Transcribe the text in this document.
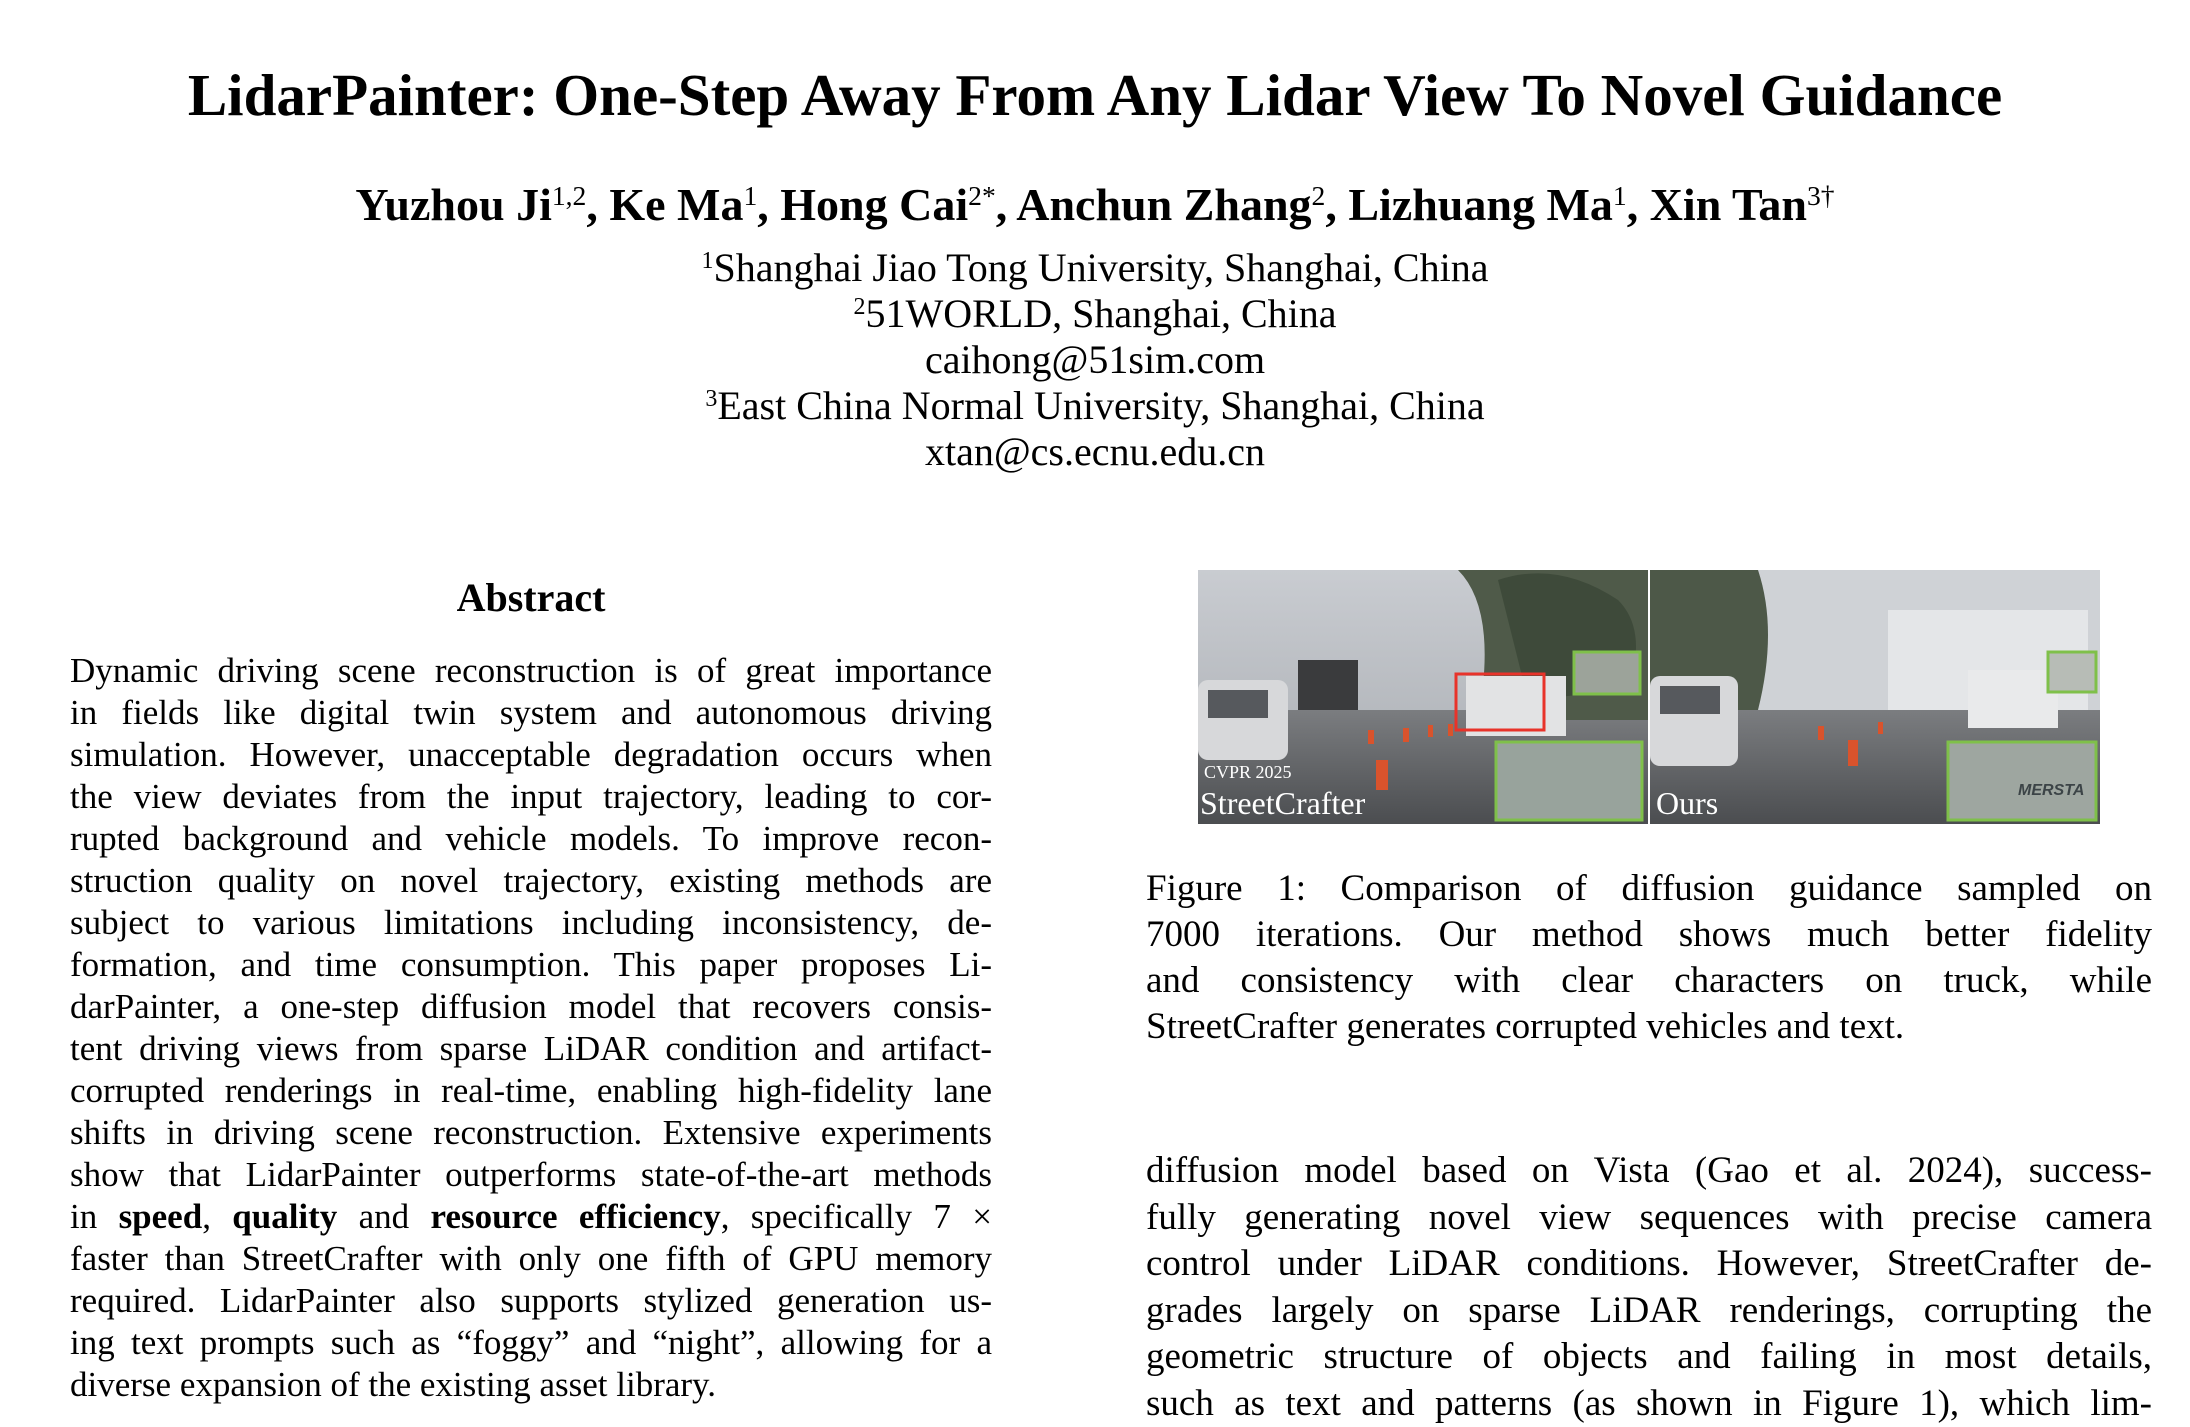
LidarPainter: One-Step Away From Any Lidar View To Novel Guidance
Yuzhou Ji$^{1,2}$, Ke Ma$^1$, Hong Cai$^{2*}$, Anchun Zhang$^2$, Lizhuang Ma$^1$, Xin Tan$^{3\dagger}$
$^1$Shanghai Jiao Tong University, Shanghai, China
$^2$51WORLD, Shanghai, China
caihong@51sim.com
$^3$East China Normal University, Shanghai, China
xtan@cs.ecnu.edu.cn
Abstract
Dynamic driving scene reconstruction is of great importance
in fields like digital twin system and autonomous driving
simulation. However, unacceptable degradation occurs when
the view deviates from the input trajectory, leading to cor-
rupted background and vehicle models. To improve recon-
struction quality on novel trajectory, existing methods are
subject to various limitations including inconsistency, de-
formation, and time consumption. This paper proposes Li-
darPainter, a one-step diffusion model that recovers consis-
tent driving views from sparse LiDAR condition and artifact-
corrupted renderings in real-time, enabling high-fidelity lane
shifts in driving scene reconstruction. Extensive experiments
show that LidarPainter outperforms state-of-the-art methods
in speed, quality and resource efficiency, specifically 7 ×
faster than StreetCrafter with only one fifth of GPU memory
required. LidarPainter also supports stylized generation us-
ing text prompts such as “foggy” and “night”, allowing for a
diverse expansion of the existing asset library.
CVPR 2025
StreetCrafter	MERSTA
Ours
Figure 1: Comparison of diffusion guidance sampled on
7000 iterations. Our method shows much better fidelity
and consistency with clear characters on truck, while
StreetCrafter generates corrupted vehicles and text.
diffusion model based on Vista (Gao et al. 2024), success-
fully generating novel view sequences with precise camera
control under LiDAR conditions. However, StreetCrafter de-
grades largely on sparse LiDAR renderings, corrupting the
geometric structure of objects and failing in most details,
such as text and patterns (as shown in Figure 1), which lim-
